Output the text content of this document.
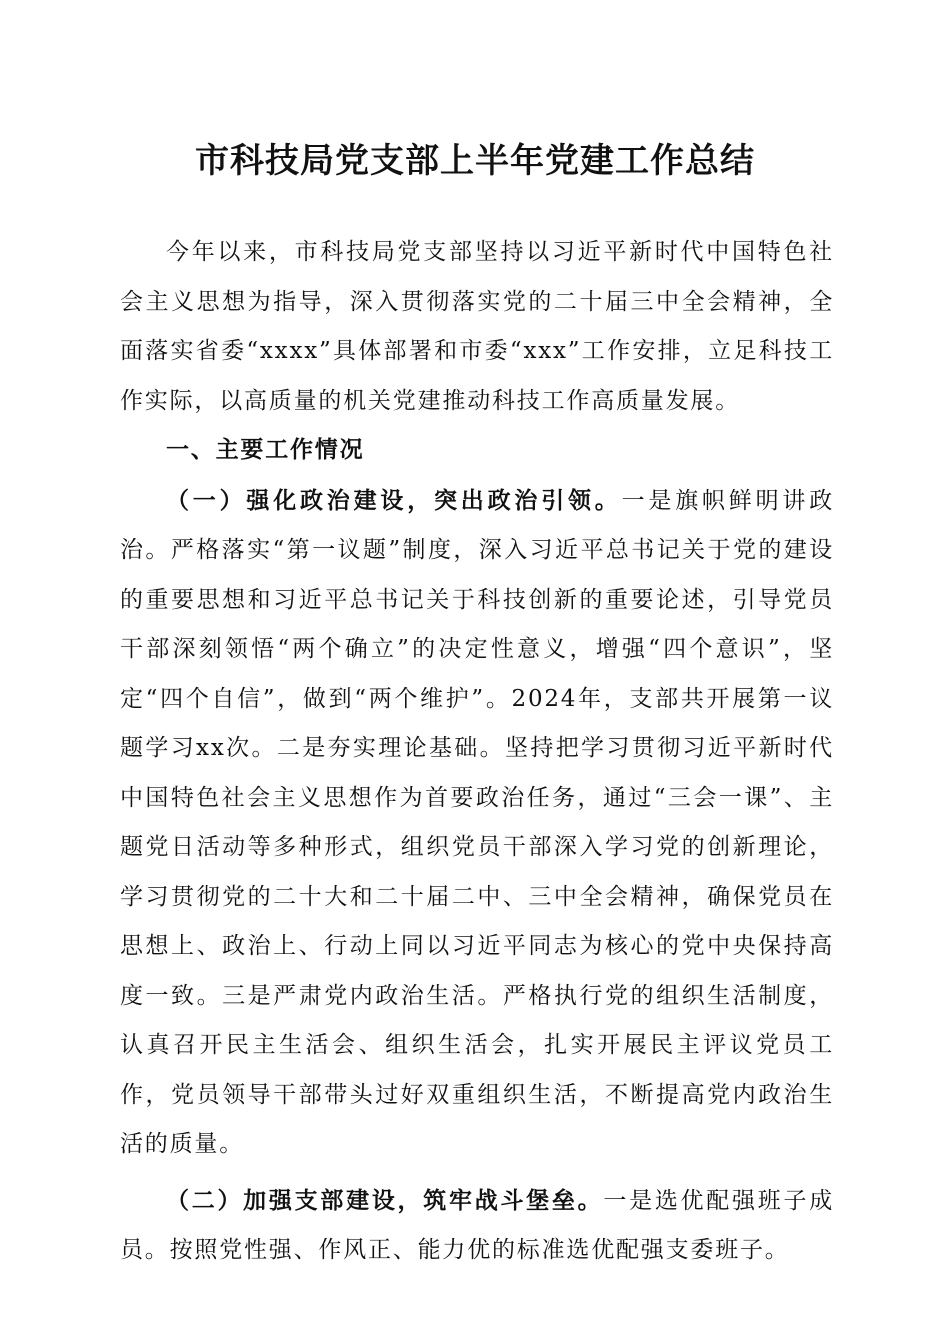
市科技局党支部上半年党建工作总结

今年以来，市科技局党支部坚持以习近平新时代中国特色社会主义思想为指导，深入贯彻落实党的二十届三中全会精神，全面落实省委“xxxx”具体部署和市委“xxx”工作安排，立足科技工作实际，以高质量的机关党建推动科技工作高质量发展。

一、主要工作情况

（一）强化政治建设，突出政治引领。一是旗帜鲜明讲政治。严格落实“第一议题”制度，深入习近平总书记关于党的建设的重要思想和习近平总书记关于科技创新的重要论述，引导党员干部深刻领悟“两个确立”的决定性意义，增强“四个意识”，坚定“四个自信”，做到“两个维护”。2024年，支部共开展第一议题学习xx次。二是夯实理论基础。坚持把学习贯彻习近平新时代中国特色社会主义思想作为首要政治任务，通过“三会一课”、主题党日活动等多种形式，组织党员干部深入学习党的创新理论，学习贯彻党的二十大和二十届二中、三中全会精神，确保党员在思想上、政治上、行动上同以习近平同志为核心的党中央保持高度一致。三是严肃党内政治生活。严格执行党的组织生活制度，认真召开民主生活会、组织生活会，扎实开展民主评议党员工作，党员领导干部带头过好双重组织生活，不断提高党内政治生活的质量。

（二）加强支部建设，筑牢战斗堡垒。一是选优配强班子成员。按照党性强、作风正、能力优的标准选优配强支委班子。
